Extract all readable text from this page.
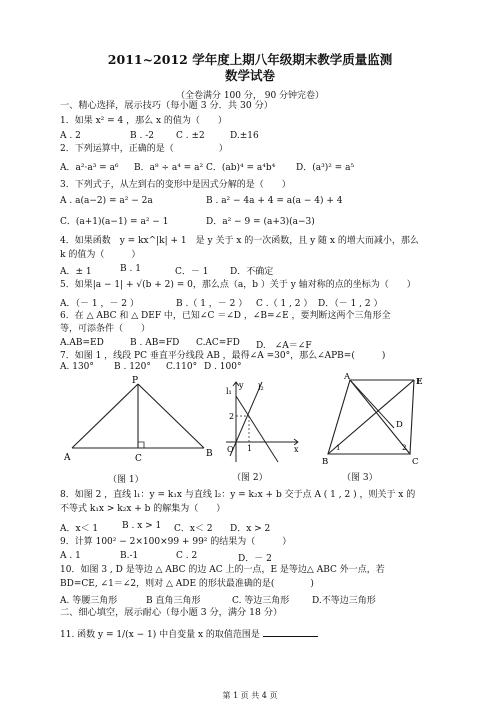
2011~2012 学年度上期八年级期末教学质量监测
数学试卷
（全卷满分 100 分， 90 分钟完卷）
一、精心选择，展示技巧（每小题 3 分．共 30 分）
1．如果 x² = 4 ，那么 x 的值为（　　）
A . 2	B . -2 C . ±2	D.±16
2．下列运算中，正确的是（　　　　　）
A．a²·a³ = a⁶ B．a⁸ ÷ a⁴ = a² C．(ab)⁴ = a⁴b⁴ D．(a³)² = a⁵
3．下列式子，从左到右的变形中是因式分解的是（　　）
A . a(a−2) = a² − 2a	B . a² − 4a + 4 = a(a − 4) + 4
C．(a+1)(a−1) = a² − 1	D．a² − 9 = (a+3)(a−3)
4．如果函数　y = kx^|k| + 1　是 y 关于 x 的一次函数，且 y 随 x 的增大而减小，那么
k 的值为（　　　）
A．± 1	B . 1	C．－ 1 D．不确定
5．如果|a − 1| + √(b + 2) = 0，那么点（a，b ）关于 y 轴对称的点的坐标为（　　）
A．（－ 1 ，－ 2 ）	B .（ 1 ，－ 2 ） C .（ 1 , 2 ） D．（－ 1 , 2 ）
6．在 △ ABC 和 △ DEF 中，已知∠C ＝∠D ，∠B=∠E ，要判断这两个三角形全
等，可添条件（　　）
A.AB=ED	B . AB=FD C.AC=FD D.　∠A＝∠F
7．如图 1 ，线段 PC 垂直平分线段 AB ，最得∠A =30°，那么∠APB=(　　　)
A. 130° B . 120° C.110° D . 100°
A	B
C
P
（图 1）
l₁	l₂
y
x
O
2
1
（图 2）
A
B	C
D
E
1	2
（图 3）
8．如图 2 ，直线 l₁：y = k₁x 与直线 l₂：y = k₂x + b 交于点 A ( 1 , 2 ) ，则关于 x 的
不等式 k₁x > k₂x + b 的解集为（　　）
A．x＜ 1	B . x > 1 C．x＜ 2 D．x > 2
9．计算 100² − 2×100×99 + 99² 的结果为（　　　）
A . 1	B.-1	C . 2	D．－ 2
10．如图 3 , D 是等边 △ ABC 的边 AC 上的一点，E 是等边△ ABC 外一点，若
BD=CE, ∠1＝∠2，则对 △ ADE 的形状最准确的是(　　　　)
A. 等腰三角形	B 直角三角形	C. 等边三角形	D.不等边三角形
二、细心填空，展示耐心（每小题 3 分，满分 18 分）
11. 函数 y = 1/(x − 1) 中自变量 x 的取值范围是
第 1 页 共 4 页
